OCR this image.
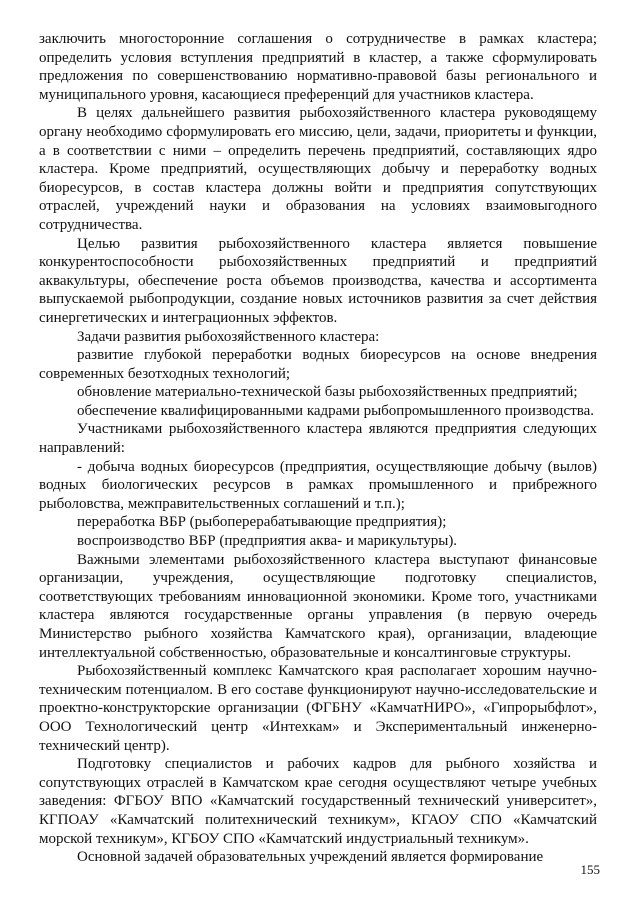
заключить многосторонние соглашения о сотрудничестве в рамках кластера; определить условия вступления предприятий в кластер, а также сформулировать предложения по совершенствованию нормативно-правовой базы регионального и муниципального уровня, касающиеся преференций для участников кластера.

В целях дальнейшего развития рыбохозяйственного кластера руководящему органу необходимо сформулировать его миссию, цели, задачи, приоритеты и функции, а в соответствии с ними – определить перечень предприятий, составляющих ядро кластера. Кроме предприятий, осуществляющих добычу и переработку водных биоресурсов, в состав кластера должны войти и предприятия сопутствующих отраслей, учреждений науки и образования на условиях взаимовыгодного сотрудничества.

Целью развития рыбохозяйственного кластера является повышение конкурентоспособности рыбохозяйственных предприятий и предприятий аквакультуры, обеспечение роста объемов производства, качества и ассортимента выпускаемой рыбопродукции, создание новых источников развития за счет действия синергетических и интеграционных эффектов.

Задачи развития рыбохозяйственного кластера:

развитие глубокой переработки водных биоресурсов на основе внедрения современных безотходных технологий;

обновление материально-технической базы рыбохозяйственных предприятий;

обеспечение квалифицированными кадрами рыбопромышленного производства.

Участниками рыбохозяйственного кластера являются предприятия следующих направлений:

- добыча водных биоресурсов (предприятия, осуществляющие добычу (вылов) водных биологических ресурсов в рамках промышленного и прибрежного рыболовства, межправительственных соглашений и т.п.);

переработка ВБР (рыбоперерабатывающие предприятия);

воспроизводство ВБР (предприятия аква- и марикультуры).

Важными элементами рыбохозяйственного кластера выступают финансовые организации, учреждения, осуществляющие подготовку специалистов, соответствующих требованиям инновационной экономики. Кроме того, участниками кластера являются государственные органы управления (в первую очередь Министерство рыбного хозяйства Камчатского края), организации, владеющие интеллектуальной собственностью, образовательные и консалтинговые структуры.

Рыбохозяйственный комплекс Камчатского края располагает хорошим научно-техническим потенциалом. В его составе функционируют научно-исследовательские и проектно-конструкторские организации (ФГБНУ «КамчатНИРО», «Гипрорыбфлот», ООО Технологический центр «Интехкам» и Экспериментальный инженерно-технический центр).

Подготовку специалистов и рабочих кадров для рыбного хозяйства и сопутствующих отраслей в Камчатском крае сегодня осуществляют четыре учебных заведения: ФГБОУ ВПО «Камчатский государственный технический университет», КГПОАУ «Камчатский политехнический техникум», КГАОУ СПО «Камчатский морской техникум», КГБОУ СПО «Камчатский индустриальный техникум».

Основной задачей образовательных учреждений является формирование

155
